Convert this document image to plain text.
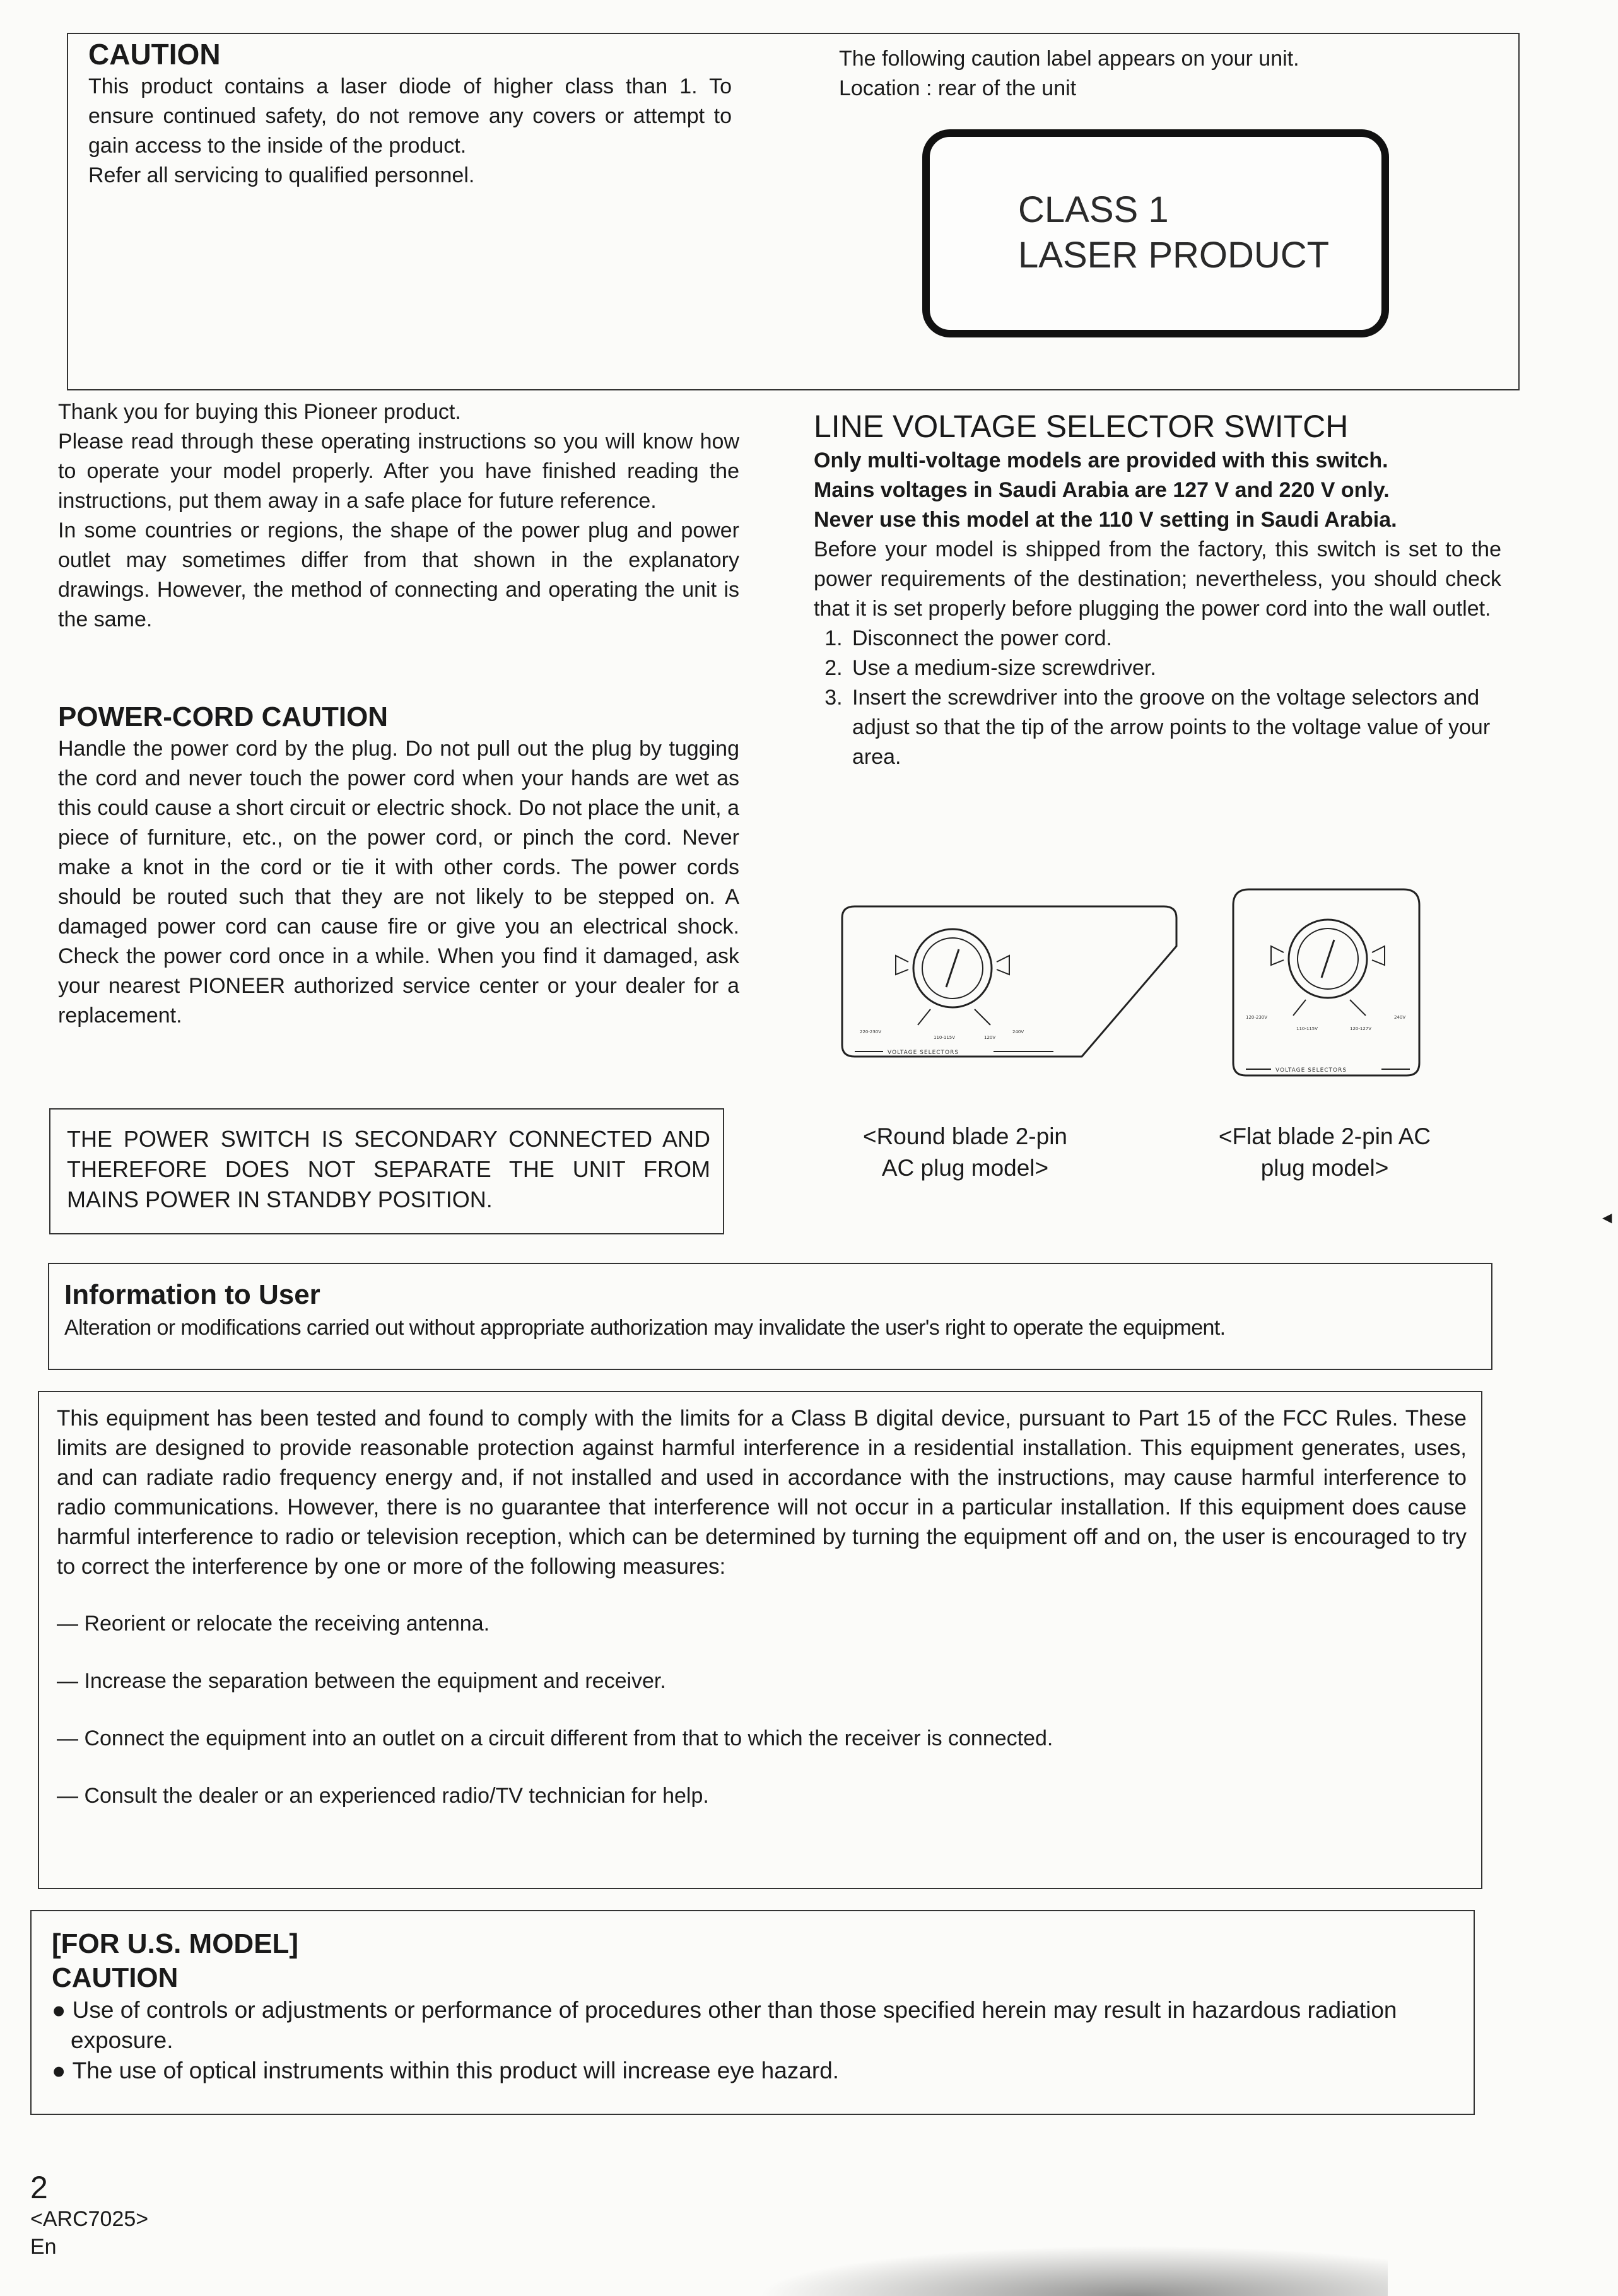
CAUTION

This product contains a laser diode of higher class than 1. To ensure continued safety, do not remove any covers or attempt to gain access to the inside of the product.

Refer all servicing to qualified personnel.

The following caution label appears on your unit.

Location : rear of the unit

CLASS 1

LASER PRODUCT

Thank you for buying this Pioneer product.

Please read through these operating instructions so you will know how to operate your model properly. After you have finished reading the instructions, put them away in a safe place for future reference.

In some countries or regions, the shape of the power plug and power outlet may sometimes differ from that shown in the explanatory drawings. However, the method of connecting and operating the unit is the same.

POWER-CORD CAUTION

Handle the power cord by the plug. Do not pull out the plug by tugging the cord and never touch the power cord when your hands are wet as this could cause a short circuit or electric shock. Do not place the unit, a piece of furniture, etc., on the power cord, or pinch the cord. Never make a knot in the cord or tie it with other cords. The power cords should be routed such that they are not likely to be stepped on. A damaged power cord can cause fire or give you an electrical shock. Check the power cord once in a while. When you find it damaged, ask your nearest PIONEER authorized service center or your dealer for a replacement.

THE POWER SWITCH IS SECONDARY CONNECTED AND THEREFORE DOES NOT SEPARATE THE UNIT FROM MAINS POWER IN STANDBY POSITION.

LINE VOLTAGE SELECTOR SWITCH

Only multi-voltage models are provided with this switch.

Mains voltages in Saudi Arabia are 127 V and 220 V only.

Never use this model at the 110 V setting in Saudi Arabia.

Before your model is shipped from the factory, this switch is set to the power requirements of the destination; nevertheless, you should check that it is set properly before plugging the power cord into the wall outlet.

1. Disconnect the power cord.
2. Use a medium-size screwdriver.
3. Insert the screwdriver into the groove on the voltage selectors and adjust so that the tip of the arrow points to the voltage value of your area.
220-230V
110-115V	120V
240V
VOLTAGE SELECTORS
120-230V
110-115V	120-127V
240V
VOLTAGE SELECTORS

<Round blade 2-pin

AC plug model>

<Flat blade 2-pin AC

plug model>

◀

Information to User

Alteration or modifications carried out without appropriate authorization may invalidate the user's right to operate the equipment.

This equipment has been tested and found to comply with the limits for a Class B digital device, pursuant to Part 15 of the FCC Rules. These limits are designed to provide reasonable protection against harmful interference in a residential installation. This equipment generates, uses, and can radiate radio frequency energy and, if not installed and used in accordance with the instructions, may cause harmful interference to radio communications. However, there is no guarantee that interference will not occur in a particular installation. If this equipment does cause harmful interference to radio or television reception, which can be determined by turning the equipment off and on, the user is encouraged to try to correct the interference by one or more of the following measures:

— Reorient or relocate the receiving antenna.

— Increase the separation between the equipment and receiver.

— Connect the equipment into an outlet on a circuit different from that to which the receiver is connected.

— Consult the dealer or an experienced radio/TV technician for help.

[FOR U.S. MODEL]

CAUTION

● Use of controls or adjustments or performance of procedures other than those specified herein may result in hazardous radiation exposure.

● The use of optical instruments within this product will increase eye hazard.

2

<ARC7025>

En
